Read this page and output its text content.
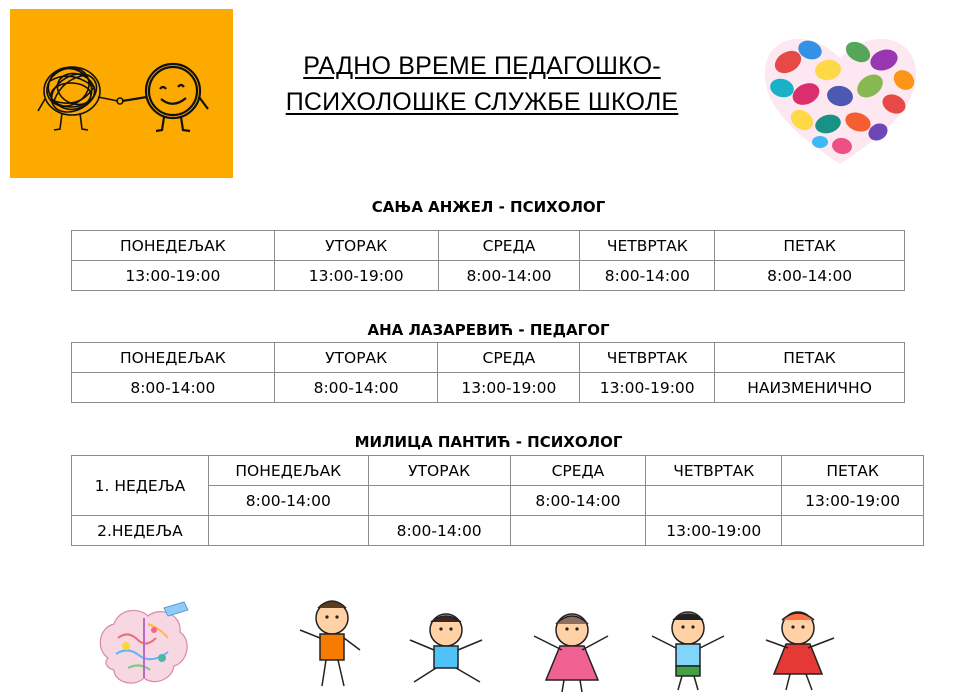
РАДНО ВРЕМЕ ПЕДАГОШКО-
ПСИХОЛОШКЕ СЛУЖБЕ ШКОЛЕ
САЊА АНЖЕЛ - ПСИХОЛОГ
ПОНЕДЕЉАК	УТОРАК	СРЕДА	ЧЕТВРТАК	ПЕТАК
13:00-19:00	13:00-19:00	8:00-14:00	8:00-14:00	8:00-14:00
АНА ЛАЗАРЕВИЋ - ПЕДАГОГ
ПОНЕДЕЉАК	УТОРАК	СРЕДА	ЧЕТВРТАК	ПЕТАК
8:00-14:00	8:00-14:00	13:00-19:00	13:00-19:00	НАИЗМЕНИЧНО
МИЛИЦА ПАНТИЋ - ПСИХОЛОГ
1. НЕДЕЉА	ПОНЕДЕЉАК	УТОРАК	СРЕДА	ЧЕТВРТАК	ПЕТАК
	8:00-14:00		8:00-14:00		13:00-19:00
2.НЕДЕЉА		8:00-14:00		13:00-19:00	
